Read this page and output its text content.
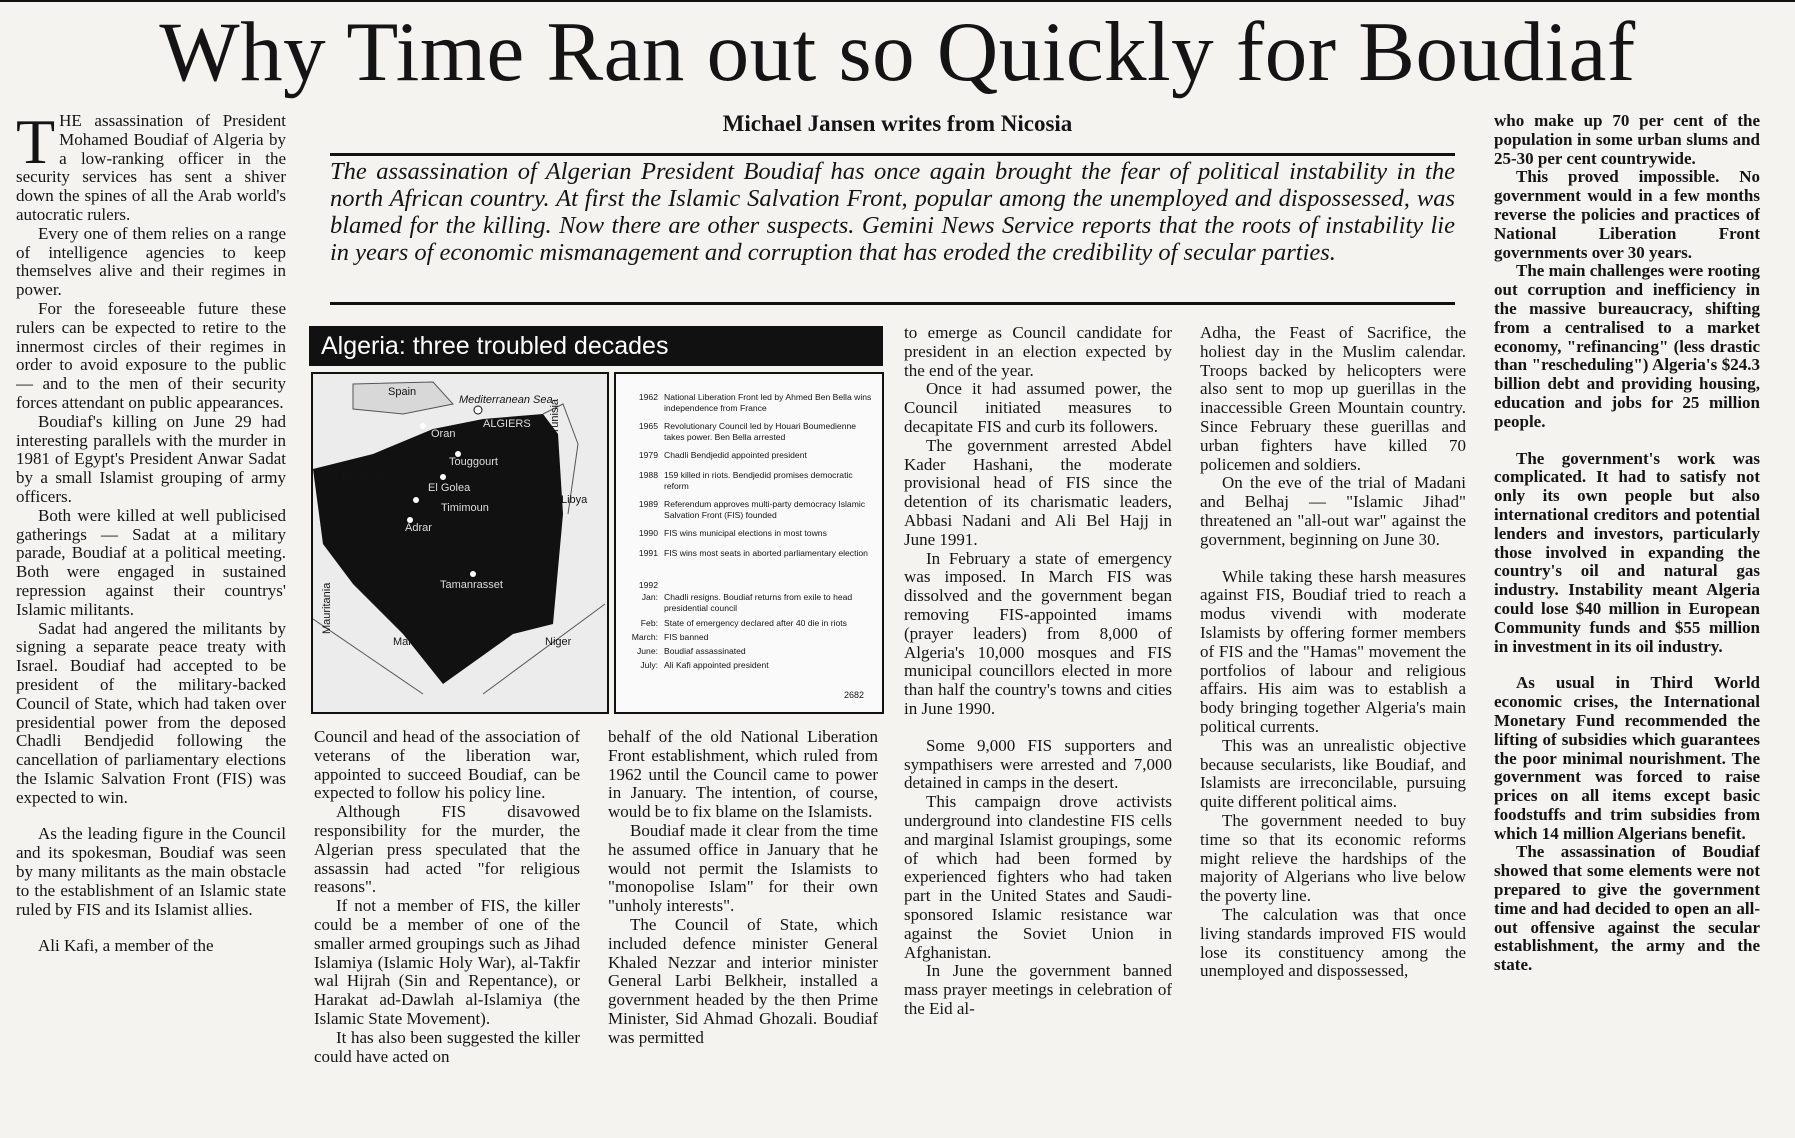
Why Time Ran out so Quickly for Boudiaf

THE assassination of President Mohamed Boudiaf of Algeria by a low-ranking officer in the security services has sent a shiver down the spines of all the Arab world's autocratic rulers.

Every one of them relies on a range of intelligence agencies to keep themselves alive and their regimes in power.

For the foreseeable future these rulers can be expected to retire to the innermost circles of their regimes in order to avoid exposure to the public — and to the men of their security forces attendant on public appearances.

Boudiaf's killing on June 29 had interesting parallels with the murder in 1981 of Egypt's President Anwar Sadat by a small Islamist grouping of army officers.

Both were killed at well publicised gatherings — Sadat at a military parade, Boudiaf at a political meeting. Both were engaged in sustained repression against their countrys' Islamic militants.

Sadat had angered the militants by signing a separate peace treaty with Israel. Boudiaf had accepted to be president of the military-backed Council of State, which had taken over presidential power from the deposed Chadli Bendjedid following the cancellation of parliamentary elections the Islamic Salvation Front (FIS) was expected to win.

As the leading figure in the Council and its spokesman, Boudiaf was seen by many militants as the main obstacle to the establishment of an Islamic state ruled by FIS and its Islamist allies.

Ali Kafi, a member of the

Michael Jansen writes from Nicosia
The assassination of Algerian President Boudiaf has once again brought the fear of political instability in the north African country. At first the Islamic Salvation Front, popular among the unemployed and dispossessed, was blamed for the killing. Now there are other suspects. Gemini News Service reports that the roots of instability lie in years of economic mismanagement and corruption that has eroded the credibility of secular parties.
Algeria: three troubled decades
Spain
Mediterranean Sea
ALGIERS
Oran	Tunisia
Touggourt
Morocco
El Golea
Libya
Timimoun
Adrar
Tamanrasset
Mauritania
Mali	Niger
1962 National Liberation Front led by Ahmed Ben Bella wins independence from France
1965 Revolutionary Council led by Houari Boumedienne takes power. Ben Bella arrested
1979 Chadli Bendjedid appointed president
1988 159 killed in riots. Bendjedid promises democratic reform
1989 Referendum approves multi-party democracy Islamic Salvation Front (FIS) founded
1990 FIS wins municipal elections in most towns
1991 FIS wins most seats in aborted parliamentary election
1992
Jan: Chadli resigns. Boudiaf returns from exile to head presidential council
Feb: State of emergency declared after 40 die in riots
March: FIS banned
June: Boudiaf assassinated
July: Ali Kafi appointed president
2682

Council and head of the association of veterans of the liberation war, appointed to succeed Boudiaf, can be expected to follow his policy line.

Although FIS disavowed responsibility for the murder, the Algerian press speculated that the assassin had acted "for religious reasons".

If not a member of FIS, the killer could be a member of one of the smaller armed groupings such as Jihad Islamiya (Islamic Holy War), al-Takfir wal Hijrah (Sin and Repentance), or Harakat ad-Dawlah al-Islamiya (the Islamic State Movement).

It has also been suggested the killer could have acted on

behalf of the old National Liberation Front establishment, which ruled from 1962 until the Council came to power in January. The intention, of course, would be to fix blame on the Islamists.

Boudiaf made it clear from the time he assumed office in January that he would not permit the Islamists to "monopolise Islam" for their own "unholy interests".

The Council of State, which included defence minister General Khaled Nezzar and interior minister General Larbi Belkheir, installed a government headed by the then Prime Minister, Sid Ahmad Ghozali. Boudiaf was permitted

to emerge as Council candidate for president in an election expected by the end of the year.

Once it had assumed power, the Council initiated measures to decapitate FIS and curb its followers.

The government arrested Abdel Kader Hashani, the moderate provisional head of FIS since the detention of its charismatic leaders, Abbasi Nadani and Ali Bel Hajj in June 1991.

In February a state of emergency was imposed. In March FIS was dissolved and the government began removing FIS-appointed imams (prayer leaders) from 8,000 of Algeria's 10,000 mosques and FIS municipal councillors elected in more than half the country's towns and cities in June 1990.

Some 9,000 FIS supporters and sympathisers were arrested and 7,000 detained in camps in the desert.

This campaign drove activists underground into clandestine FIS cells and marginal Islamist groupings, some of which had been formed by experienced fighters who had taken part in the United States and Saudi-sponsored Islamic resistance war against the Soviet Union in Afghanistan.

In June the government banned mass prayer meetings in celebration of the Eid al-

Adha, the Feast of Sacrifice, the holiest day in the Muslim calendar. Troops backed by helicopters were also sent to mop up guerillas in the inaccessible Green Mountain country. Since February these guerillas and urban fighters have killed 70 policemen and soldiers.

On the eve of the trial of Madani and Belhaj — "Islamic Jihad" threatened an "all-out war" against the government, beginning on June 30.

While taking these harsh measures against FIS, Boudiaf tried to reach a modus vivendi with moderate Islamists by offering former members of FIS and the "Hamas" movement the portfolios of labour and religious affairs. His aim was to establish a body bringing together Algeria's main political currents.

This was an unrealistic objective because secularists, like Boudiaf, and Islamists are irreconcilable, pursuing quite different political aims.

The government needed to buy time so that its economic reforms might relieve the hardships of the majority of Algerians who live below the poverty line.

The calculation was that once living standards improved FIS would lose its constituency among the unemployed and dispossessed,

who make up 70 per cent of the population in some urban slums and 25-30 per cent countrywide.

This proved impossible. No government would in a few months reverse the policies and practices of National Liberation Front governments over 30 years.

The main challenges were rooting out corruption and inefficiency in the massive bureaucracy, shifting from a centralised to a market economy, "refinancing" (less drastic than "rescheduling") Algeria's $24.3 billion debt and providing housing, education and jobs for 25 million people.

The government's work was complicated. It had to satisfy not only its own people but also international creditors and potential lenders and investors, particularly those involved in expanding the country's oil and natural gas industry. Instability meant Algeria could lose $40 million in European Community funds and $55 million in investment in its oil industry.

As usual in Third World economic crises, the International Monetary Fund recommended the lifting of subsidies which guarantees the poor minimal nourishment. The government was forced to raise prices on all items except basic foodstuffs and trim subsidies from which 14 million Algerians benefit.

The assassination of Boudiaf showed that some elements were not prepared to give the government time and had decided to open an all-out offensive against the secular establishment, the army and the state.
